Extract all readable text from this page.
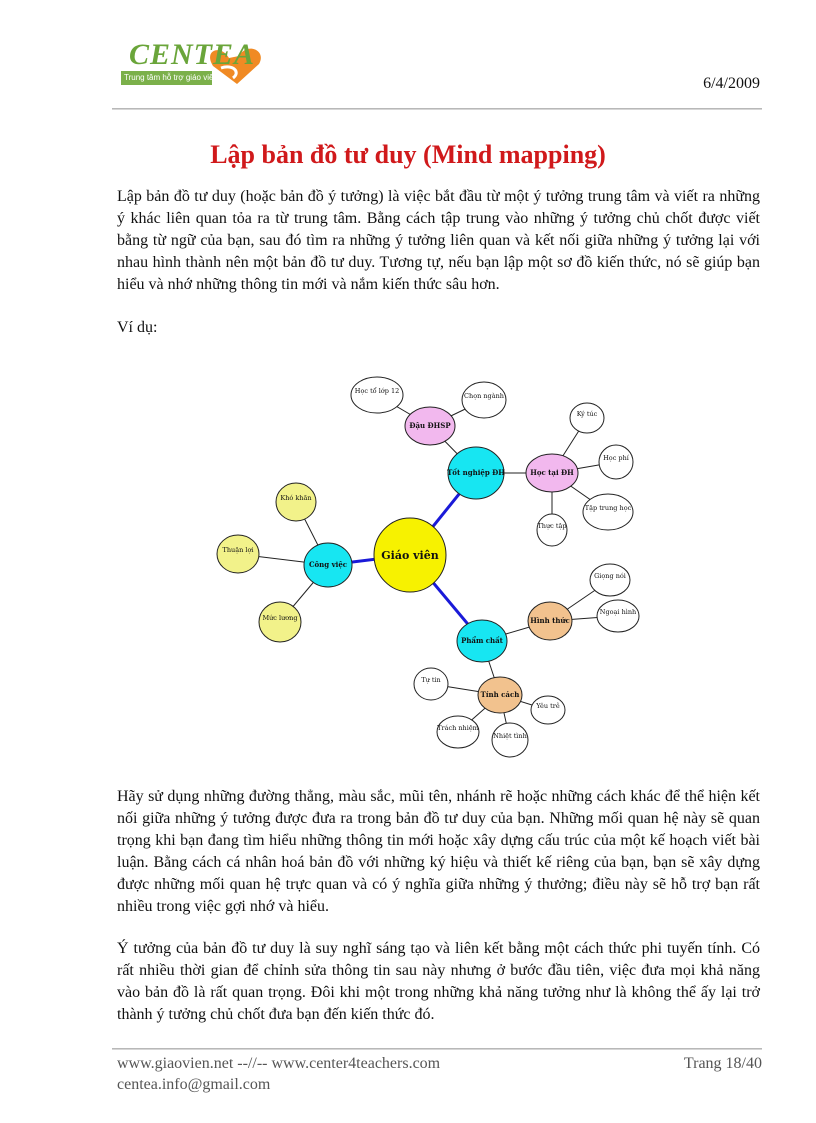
CENTEA
Trung tâm hỗ trợ giáo viên	6/4/2009
Lập bản đồ tư duy (Mind mapping)

Lập bản đồ tư duy (hoặc bản đồ ý tưởng) là việc bắt đầu từ một ý tưởng trung tâm và viết ra những ý khác liên quan tỏa ra từ trung tâm. Bằng cách tập trung vào những ý tưởng chủ chốt được viết bằng từ ngữ của bạn, sau đó tìm ra những ý tưởng liên quan và kết nối giữa những ý tưởng lại với nhau hình thành nên một bản đồ tư duy. Tương tự, nếu bạn lập một sơ đồ kiến thức, nó sẽ giúp bạn hiểu và nhớ những thông tin mới và nắm kiến thức sâu hơn.

Ví dụ:

Học tổ lớp 12
Chọn ngành
Ký túc
Học phí
Tập trung học
Thực tập
Giọng nói
Ngoại hình
Tự tin
Yêu trẻ
Trách nhiệm
Nhiệt tình
Khó khăn
Thuận lợi
Mức lương
Đậu ĐHSP
Học tại ĐH
Hình thức
Tính cách
Tốt nghiệp ĐH
Công việc
Phẩm chất
Giáo viên

Hãy sử dụng những đường thẳng, màu sắc, mũi tên, nhánh rẽ hoặc những cách khác để thể hiện kết nối giữa những ý tưởng được đưa ra trong bản đồ tư duy của bạn. Những mối quan hệ này sẽ quan trọng khi bạn đang tìm hiểu những thông tin mới hoặc xây dựng cấu trúc của một kế hoạch viết bài luận. Bằng cách cá nhân hoá bản đồ với những ký hiệu và thiết kế riêng của bạn, bạn sẽ xây dựng được những mối quan hệ trực quan và có ý nghĩa giữa những ý thưởng; điều này sẽ hỗ trợ bạn rất nhiều trong việc gợi nhớ và hiểu.

Ý tưởng của bản đồ tư duy là suy nghĩ sáng tạo và liên kết bằng một cách thức phi tuyến tính. Có rất nhiều thời gian để chỉnh sửa thông tin sau này nhưng ở bước đầu tiên, việc đưa mọi khả năng vào bản đồ là rất quan trọng. Đôi khi một trong những khả năng tưởng như là không thể ấy lại trở thành ý tưởng chủ chốt đưa bạn đến kiến thức đó.

www.giaovien.net --//-- www.center4teachers.com	Trang 18/40
centea.info@gmail.com
